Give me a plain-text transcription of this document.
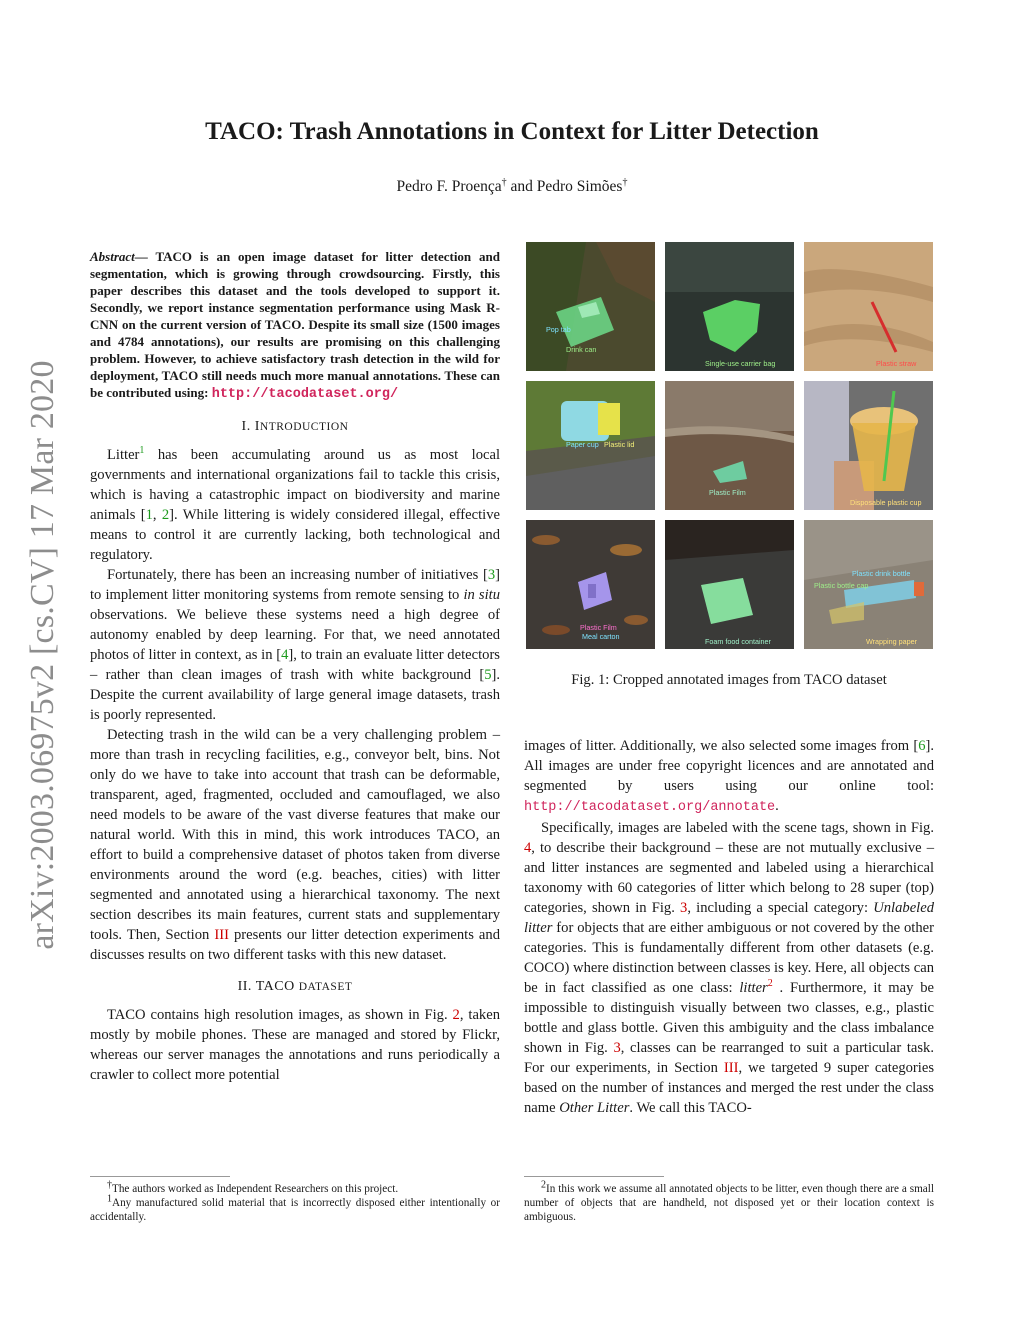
arXiv:2003.06975v2 [cs.CV] 17 Mar 2020
TACO: Trash Annotations in Context for Litter Detection
Pedro F. Proença† and Pedro Simões†
Abstract— TACO is an open image dataset for litter detection and segmentation, which is growing through crowdsourcing. Firstly, this paper describes this dataset and the tools developed to support it. Secondly, we report instance segmentation performance using Mask R-CNN on the current version of TACO. Despite its small size (1500 images and 4784 annotations), our results are promising on this challenging problem. However, to achieve satisfactory trash detection in the wild for deployment, TACO still needs much more manual annotations. These can be contributed using: http://tacodataset.org/
I. INTRODUCTION

Litter$^1$ has been accumulating around us as most local governments and international organizations fail to tackle this crisis, which is having a catastrophic impact on biodiversity and marine animals [1, 2]. While littering is widely considered illegal, effective means to control it are currently lacking, both technological and regulatory.

Fortunately, there has been an increasing number of initiatives [3] to implement litter monitoring systems from remote sensing to in situ observations. We believe these systems need a high degree of autonomy enabled by deep learning. For that, we need annotated photos of litter in context, as in [4], to train an evaluate litter detectors – rather than clean images of trash with white background [5]. Despite the current availability of large general image datasets, trash is poorly represented.

Detecting trash in the wild can be a very challenging problem – more than trash in recycling facilities, e.g., conveyor belt, bins. Not only do we have to take into account that trash can be deformable, transparent, aged, fragmented, occluded and camouflaged, we also need models to be aware of the vast diverse features that make our natural world. With this in mind, this work introduces TACO, an effort to build a comprehensive dataset of photos taken from diverse environments around the word (e.g. beaches, cities) with litter segmented and annotated using a hierarchical taxonomy. The next section describes its main features, current stats and supplementary tools. Then, Section III presents our litter detection experiments and discusses results on two different tasks with this new dataset.

II. TACO DATASET

TACO contains high resolution images, as shown in Fig. 2, taken mostly by mobile phones. These are managed and stored by Flickr, whereas our server manages the annotations and runs periodically a crawler to collect more potential

†The authors worked as Independent Researchers on this project.
$^1$Any manufactured solid material that is incorrectly disposed either intentionally or accidentally.
Pop tab
Drink can
Single-use carrier bag	Plastic straw
Paper cup Plastic lid
Plastic Film
Disposable plastic cup
Plastic Film
Meal carton
Foam food container
Plastic drink bottle
Plastic bottle cap
Wrapping paper
Fig. 1: Cropped annotated images from TACO dataset

images of litter. Additionally, we also selected some images from [6]. All images are under free copyright licences and are annotated and segmented by users using our online tool: http://tacodataset.org/annotate.

Specifically, images are labeled with the scene tags, shown in Fig. 4, to describe their background – these are not mutually exclusive – and litter instances are segmented and labeled using a hierarchical taxonomy with 60 categories of litter which belong to 28 super (top) categories, shown in Fig. 3, including a special category: Unlabeled litter for objects that are either ambiguous or not covered by the other categories. This is fundamentally different from other datasets (e.g. COCO) where distinction between classes is key. Here, all objects can be in fact classified as one class: litter$^2$ . Furthermore, it may be impossible to distinguish visually between two classes, e.g., plastic bottle and glass bottle. Given this ambiguity and the class imbalance shown in Fig. 3, classes can be rearranged to suit a particular task. For our experiments, in Section III, we targeted 9 super categories based on the number of instances and merged the rest under the class name Other Litter. We call this TACO-

$^2$In this work we assume all annotated objects to be litter, even though there are a small number of objects that are handheld, not disposed yet or their location context is ambiguous.
